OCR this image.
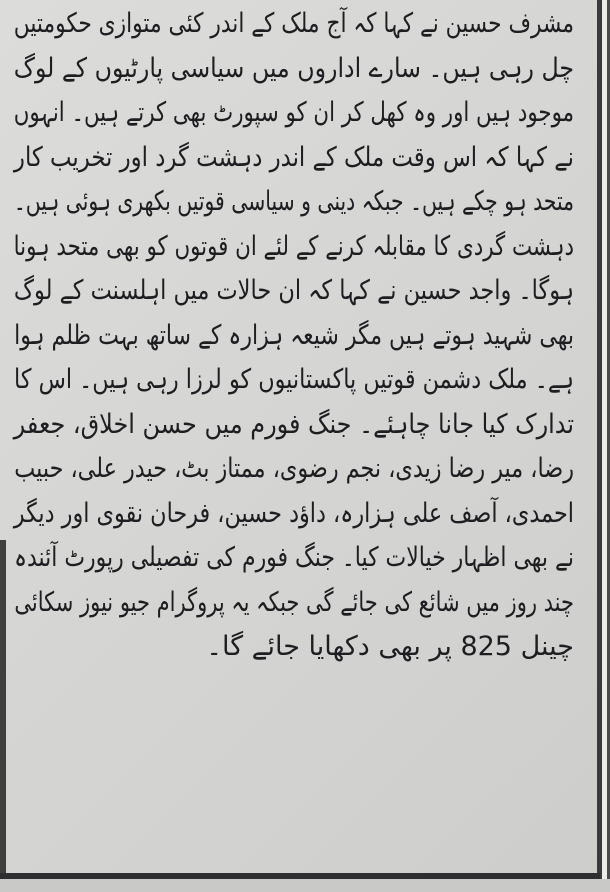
مشرف حسین نے کہا کہ آج ملک کے اندر کئی متوازی حکومتیں
چل رہی ہیں۔ سارے اداروں میں سیاسی پارٹیوں کے لوگ
موجود ہیں اور وہ کھل کر ان کو سپورٹ بھی کرتے ہیں۔ انہوں
نے کہا کہ اس وقت ملک کے اندر دہشت گرد اور تخریب کار
متحد ہو چکے ہیں۔ جبکہ دینی و سیاسی قوتیں بکھری ہوئی ہیں۔
دہشت گردی کا مقابلہ کرنے کے لئے ان قوتوں کو بھی متحد ہونا
ہوگا۔ واجد حسین نے کہا کہ ان حالات میں اہلسنت کے لوگ
بھی شہید ہوتے ہیں مگر شیعہ ہزارہ کے ساتھ بہت ظلم ہوا
ہے۔ ملک دشمن قوتیں پاکستانیوں کو لرزا رہی ہیں۔ اس کا
تدارک کیا جانا چاہئے۔ جنگ فورم میں حسن اخلاق، جعفر
رضا، میر رضا زیدی، نجم رضوی، ممتاز بٹ، حیدر علی، حبیب
احمدی، آصف علی ہزارہ، داؤد حسین، فرحان نقوی اور دیگر
نے بھی اظہار خیالات کیا۔ جنگ فورم کی تفصیلی رپورٹ آئندہ
چند روز میں شائع کی جائے گی جبکہ یہ پروگرام جیو نیوز سکائی
چینل 825 پر بھی دکھایا جائے گا۔
